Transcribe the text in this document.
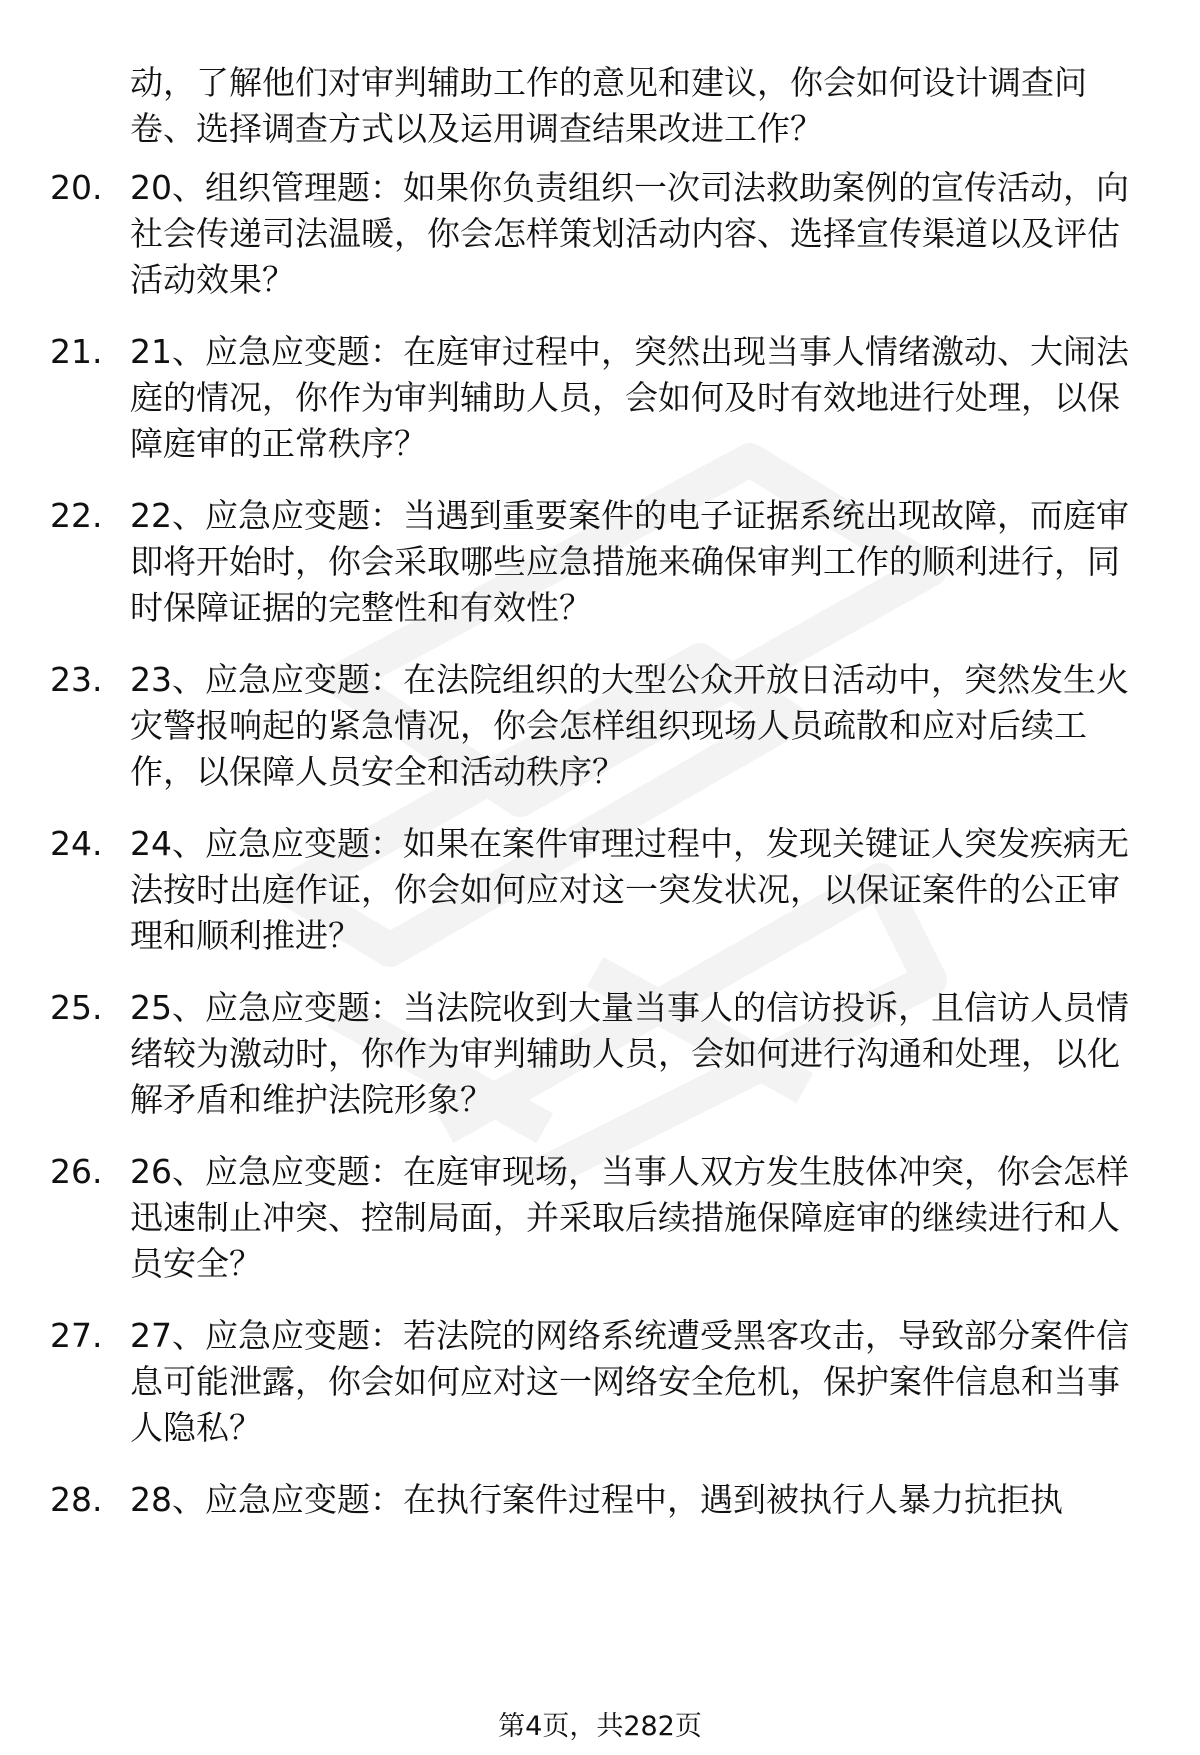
动，了解他们对审判辅助工作的意见和建议，你会如何设计调查问卷、选择调查方式以及运用调查结果改进工作？
20. 20、组织管理题：如果你负责组织一次司法救助案例的宣传活动，向社会传递司法温暖，你会怎样策划活动内容、选择宣传渠道以及评估活动效果？
21. 21、应急应变题：在庭审过程中，突然出现当事人情绪激动、大闹法庭的情况，你作为审判辅助人员，会如何及时有效地进行处理，以保障庭审的正常秩序？
22. 22、应急应变题：当遇到重要案件的电子证据系统出现故障，而庭审即将开始时，你会采取哪些应急措施来确保审判工作的顺利进行，同时保障证据的完整性和有效性？
23. 23、应急应变题：在法院组织的大型公众开放日活动中，突然发生火灾警报响起的紧急情况，你会怎样组织现场人员疏散和应对后续工作，以保障人员安全和活动秩序？
24. 24、应急应变题：如果在案件审理过程中，发现关键证人突发疾病无法按时出庭作证，你会如何应对这一突发状况，以保证案件的公正审理和顺利推进？
25. 25、应急应变题：当法院收到大量当事人的信访投诉，且信访人员情绪较为激动时，你作为审判辅助人员，会如何进行沟通和处理，以化解矛盾和维护法院形象？
26. 26、应急应变题：在庭审现场，当事人双方发生肢体冲突，你会怎样迅速制止冲突、控制局面，并采取后续措施保障庭审的继续进行和人员安全？
27. 27、应急应变题：若法院的网络系统遭受黑客攻击，导致部分案件信息可能泄露，你会如何应对这一网络安全危机，保护案件信息和当事人隐私？
28. 28、应急应变题：在执行案件过程中，遇到被执行人暴力抗拒执
第4页，共282页
